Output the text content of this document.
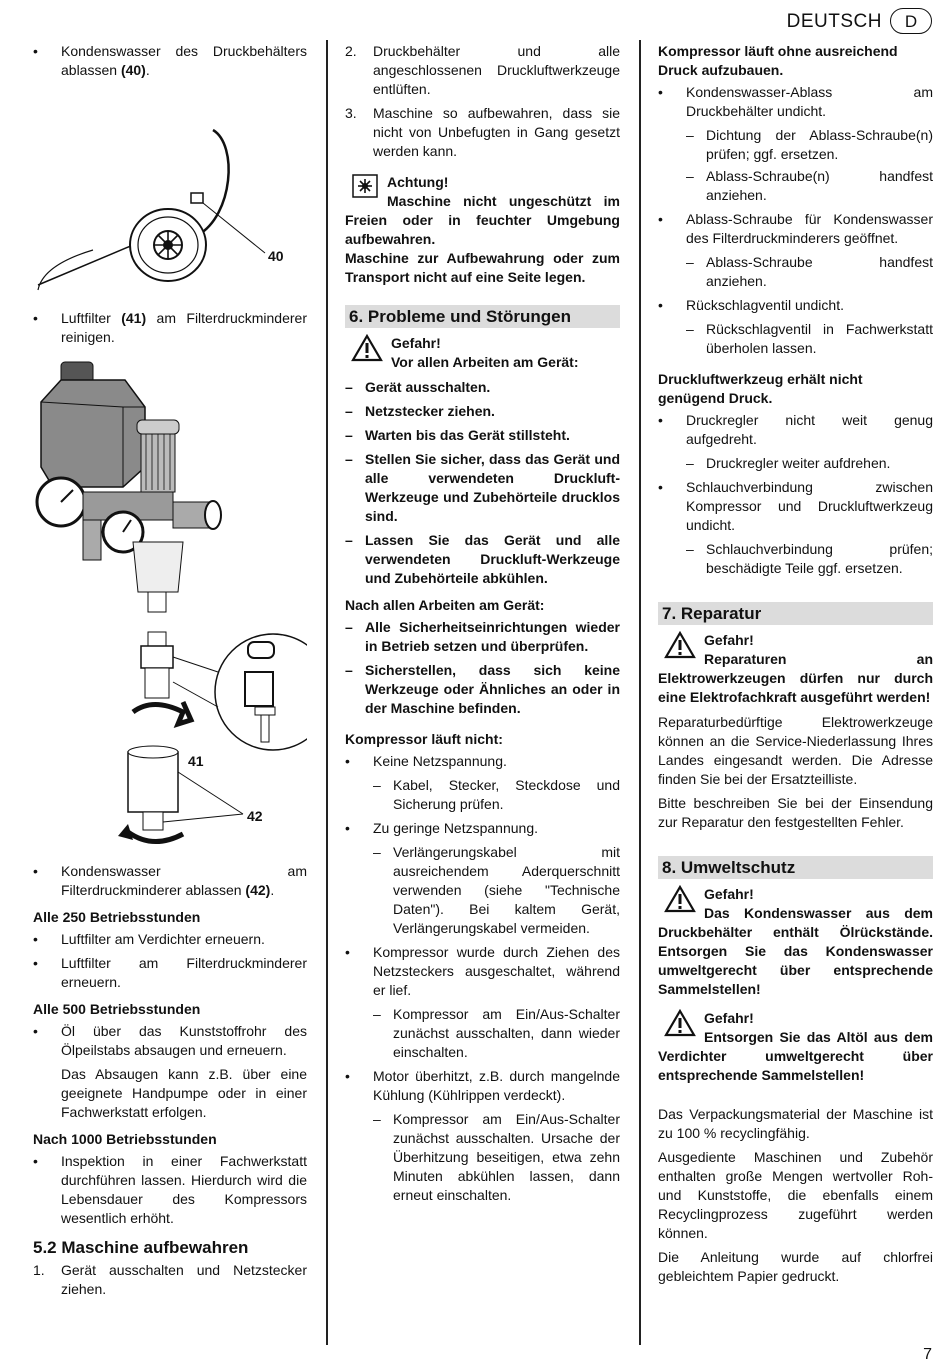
DEUTSCH	D
•	Kondenswasser des Druckbehälters ablassen (40).
40
•	Luftfilter (41) am Filterdruckminderer reinigen.
41
42
•	Kondenswasser am Filterdruckminderer ablassen (42).
Alle 250 Betriebsstunden
•	Luftfilter am Verdichter erneuern.
•	Luftfilter am Filterdruckminderer erneuern.
Alle 500 Betriebsstunden
•	Öl über das Kunststoffrohr des Ölpeilstabs absaugen und erneuern.

Das Absaugen kann z.B. über eine geeignete Handpumpe oder in einer Fachwerkstatt erfolgen.

Nach 1000 Betriebsstunden
•	Inspektion in einer Fachwerkstatt durchführen lassen. Hierdurch wird die Lebensdauer des Kompressors wesentlich erhöht.
5.2 Maschine aufbewahren
1.	Gerät ausschalten und Netzstecker ziehen.
2.	Druckbehälter und alle angeschlossenen Druckluftwerkzeuge entlüften.
3.	Maschine so aufbewahren, dass sie nicht von Unbefugten in Gang gesetzt werden kann.
Achtung!
Maschine nicht ungeschützt im Freien oder in feuchter Umgebung aufbewahren.
Maschine zur Aufbewahrung oder zum Transport nicht auf eine Seite legen.
6. Probleme und Störungen
Gefahr!
Vor allen Arbeiten am Gerät:
– Gerät ausschalten.
– Netzstecker ziehen.
– Warten bis das Gerät stillsteht.
– Stellen Sie sicher, dass das Gerät und alle verwendeten Druckluft-Werkzeuge und Zubehörteile drucklos sind.
– Lassen Sie das Gerät und alle verwendeten Druckluft-Werkzeuge und Zubehörteile abkühlen.
Nach allen Arbeiten am Gerät:
– Alle Sicherheitseinrichtungen wieder in Betrieb setzen und überprüfen.
– Sicherstellen, dass sich keine Werkzeuge oder Ähnliches an oder in der Maschine befinden.
Kompressor läuft nicht:
•	Keine Netzspannung.
– Kabel, Stecker, Steckdose und Sicherung prüfen.
•	Zu geringe Netzspannung.
– Verlängerungskabel mit ausreichendem Aderquerschnitt verwenden (siehe "Technische Daten"). Bei kaltem Gerät, Verlängerungskabel vermeiden.
•	Kompressor wurde durch Ziehen des Netzsteckers ausgeschaltet, während er lief.
– Kompressor am Ein/Aus-Schalter zunächst ausschalten, dann wieder einschalten.
•	Motor überhitzt, z.B. durch mangelnde Kühlung (Kühlrippen verdeckt).
– Kompressor am Ein/Aus-Schalter zunächst ausschalten. Ursache der Überhitzung beseitigen, etwa zehn Minuten abkühlen lassen, dann erneut einschalten.
Kompressor läuft ohne ausreichend Druck aufzubauen.
•	Kondenswasser-Ablass am Druckbehälter undicht.
– Dichtung der Ablass-Schraube(n) prüfen; ggf. ersetzen.
– Ablass-Schraube(n) handfest anziehen.
•	Ablass-Schraube für Kondenswasser des Filterdruckminderers geöffnet.
– Ablass-Schraube handfest anziehen.
•	Rückschlagventil undicht.
– Rückschlagventil in Fachwerkstatt überholen lassen.
Druckluftwerkzeug erhält nicht genügend Druck.
•	Druckregler nicht weit genug aufgedreht.
– Druckregler weiter aufdrehen.
•	Schlauchverbindung zwischen Kompressor und Druckluftwerkzeug undicht.
– Schlauchverbindung prüfen; beschädigte Teile ggf. ersetzen.
7. Reparatur
Gefahr!
Reparaturen an Elektrowerkzeugen dürfen nur durch eine Elektrofachkraft ausgeführt werden!

Reparaturbedürftige Elektrowerkzeuge können an die Service-Niederlassung Ihres Landes eingesandt werden. Die Adresse finden Sie bei der Ersatzteilliste.

Bitte beschreiben Sie bei der Einsendung zur Reparatur den festgestellten Fehler.

8. Umweltschutz
Gefahr!
Das Kondenswasser aus dem Druckbehälter enthält Ölrückstände. Entsorgen Sie das Kondenswasser umweltgerecht über entsprechende Sammelstellen!
Gefahr!
Entsorgen Sie das Altöl aus dem Verdichter umweltgerecht über entsprechende Sammelstellen!

Das Verpackungsmaterial der Maschine ist zu 100 % recyclingfähig.

Ausgediente Maschinen und Zubehör enthalten große Mengen wertvoller Roh- und Kunststoffe, die ebenfalls einem Recyclingprozess zugeführt werden können.

Die Anleitung wurde auf chlorfrei gebleichtem Papier gedruckt.

7
